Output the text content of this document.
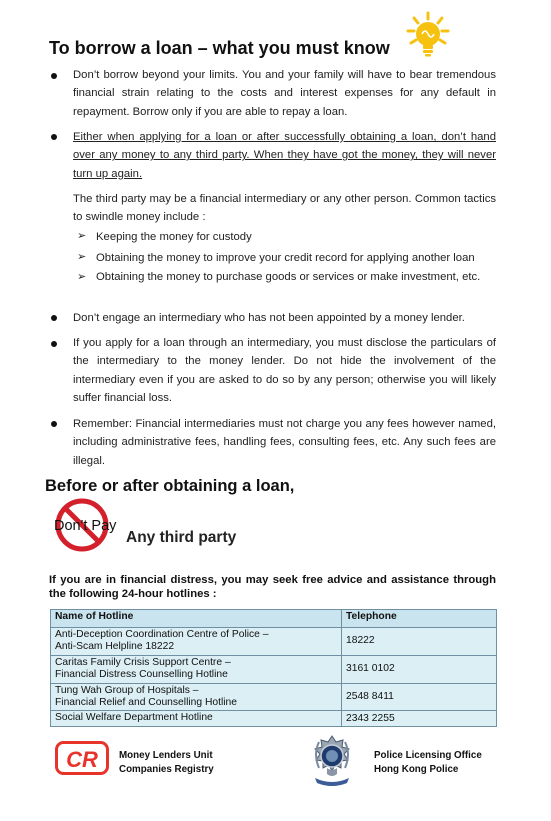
To borrow a loan – what you must know
Don’t borrow beyond your limits. You and your family will have to bear tremendous financial strain relating to the costs and interest expenses for any default in repayment. Borrow only if you are able to repay a loan.
Either when applying for a loan or after successfully obtaining a loan, don’t hand over any money to any third party. When they have got the money, they will never turn up again.
The third party may be a financial intermediary or any other person. Common tactics to swindle money include :
➢ Keeping the money for custody
➢ Obtaining the money to improve your credit record for applying another loan
➢ Obtaining the money to purchase goods or services or make investment, etc.
Don’t engage an intermediary who has not been appointed by a money lender.
If you apply for a loan through an intermediary, you must disclose the particulars of the intermediary to the money lender. Do not hide the involvement of the intermediary even if you are asked to do so by any person; otherwise you will likely suffer financial loss.
Remember: Financial intermediaries must not charge you any fees however named, including administrative fees, handling fees, consulting fees, etc. Any such fees are illegal.
Before or after obtaining a loan,
Don't Pay
Any third party
If you are in financial distress, you may seek free advice and assistance through the following 24-hour hotlines :
Name of Hotline	Telephone
Anti-Deception Coordination Centre of Police –
Anti-Scam Helpline 18222	18222
Caritas Family Crisis Support Centre –
Financial Distress Counselling Hotline	3161 0102
Tung Wah Group of Hospitals –
Financial Relief and Counselling Hotline	2548 8411
Social Welfare Department Hotline	2343 2255
CR Money Lenders Unit
Companies Registry
Police Licensing Office
Hong Kong Police
